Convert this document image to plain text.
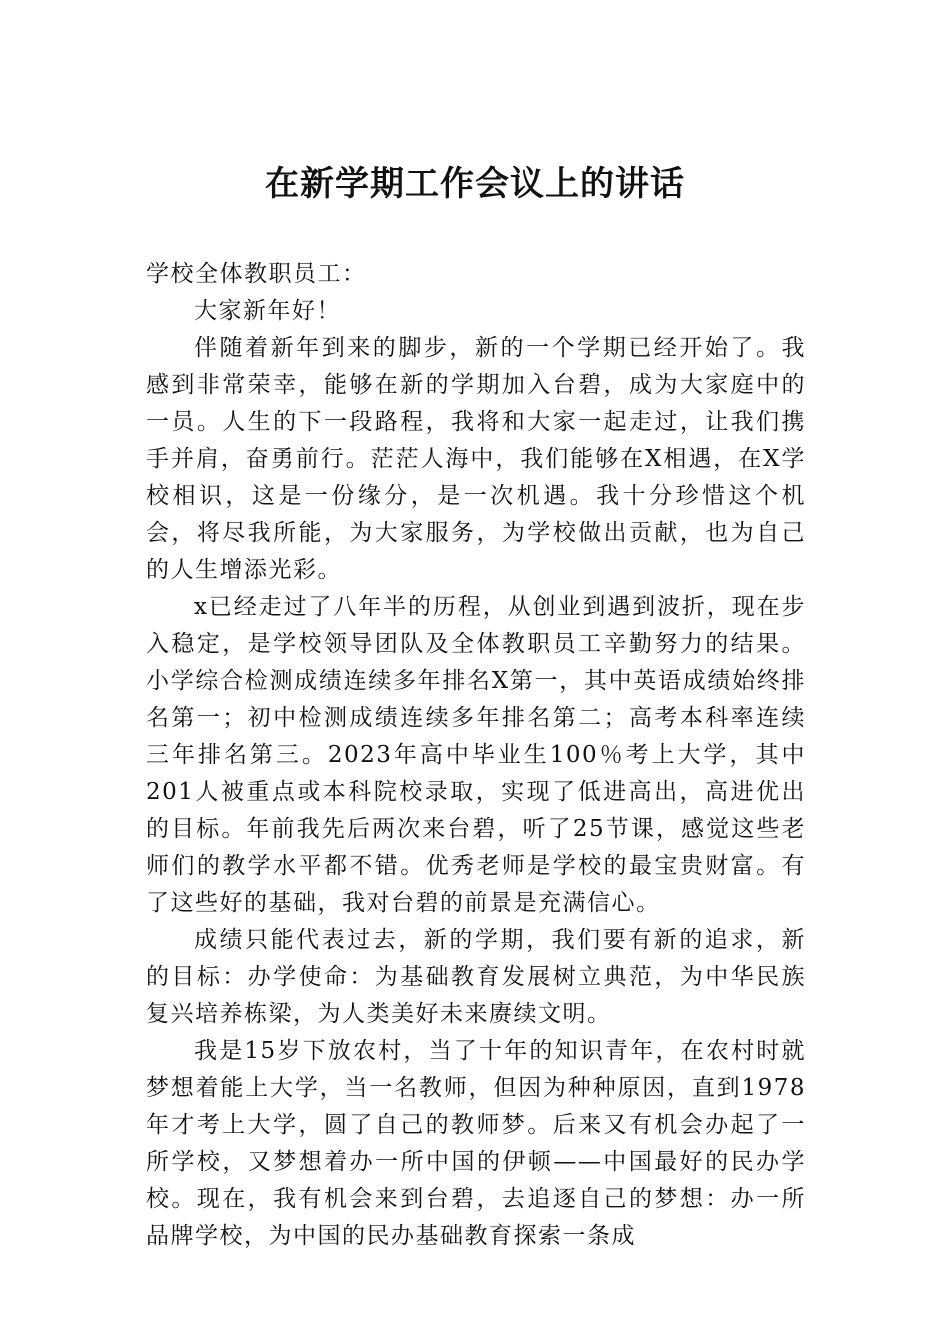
在新学期工作会议上的讲话

学校全体教职员工：

大家新年好！

伴随着新年到来的脚步，新的一个学期已经开始了。我感到非常荣幸，能够在新的学期加入台碧，成为大家庭中的一员。人生的下一段路程，我将和大家一起走过，让我们携手并肩，奋勇前行。茫茫人海中，我们能够在X相遇，在X学校相识，这是一份缘分，是一次机遇。我十分珍惜这个机会，将尽我所能，为大家服务，为学校做出贡献，也为自己的人生增添光彩。

x已经走过了八年半的历程，从创业到遇到波折，现在步入稳定，是学校领导团队及全体教职员工辛勤努力的结果。小学综合检测成绩连续多年排名X第一，其中英语成绩始终排名第一；初中检测成绩连续多年排名第二；高考本科率连续三年排名第三。2023年高中毕业生100％考上大学，其中201人被重点或本科院校录取，实现了低进高出，高进优出的目标。年前我先后两次来台碧，听了25节课，感觉这些老师们的教学水平都不错。优秀老师是学校的最宝贵财富。有了这些好的基础，我对台碧的前景是充满信心。

成绩只能代表过去，新的学期，我们要有新的追求，新的目标：办学使命：为基础教育发展树立典范，为中华民族复兴培养栋梁，为人类美好未来赓续文明。

我是15岁下放农村，当了十年的知识青年，在农村时就梦想着能上大学，当一名教师，但因为种种原因，直到1978年才考上大学，圆了自己的教师梦。后来又有机会办起了一所学校，又梦想着办一所中国的伊顿——中国最好的民办学校。现在，我有机会来到台碧，去追逐自己的梦想：办一所品牌学校，为中国的民办基础教育探索一条成
